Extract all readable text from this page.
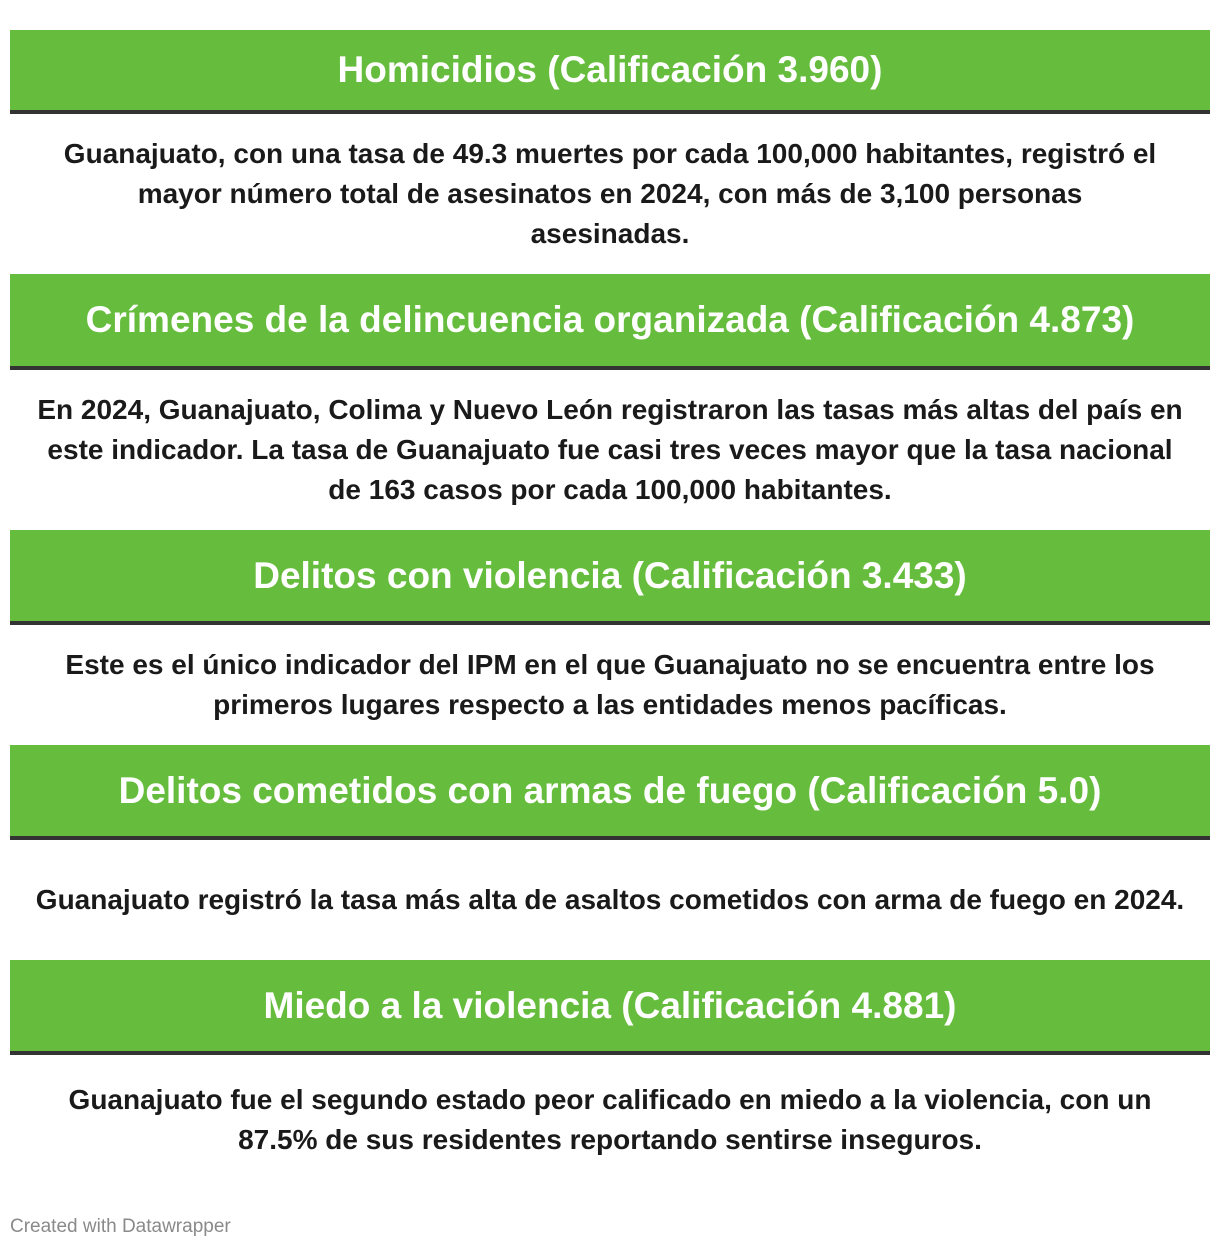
Homicidios (Calificación 3.960)
Guanajuato, con una tasa de 49.3 muertes por cada 100,000 habitantes, registró el mayor número total de asesinatos en 2024, con más de 3,100 personas asesinadas.
Crímenes de la delincuencia organizada (Calificación 4.873)
En 2024, Guanajuato, Colima y Nuevo León registraron las tasas más altas del país en este indicador. La tasa de Guanajuato fue casi tres veces mayor que la tasa nacional de 163 casos por cada 100,000 habitantes.
Delitos con violencia (Calificación 3.433)
Este es el único indicador del IPM en el que Guanajuato no se encuentra entre los primeros lugares respecto a las entidades menos pacíficas.
Delitos cometidos con armas de fuego (Calificación 5.0)
Guanajuato registró la tasa más alta de asaltos cometidos con arma de fuego en 2024.
Miedo a la violencia (Calificación 4.881)
Guanajuato fue el segundo estado peor calificado en miedo a la violencia, con un 87.5% de sus residentes reportando sentirse inseguros.
Created with Datawrapper
